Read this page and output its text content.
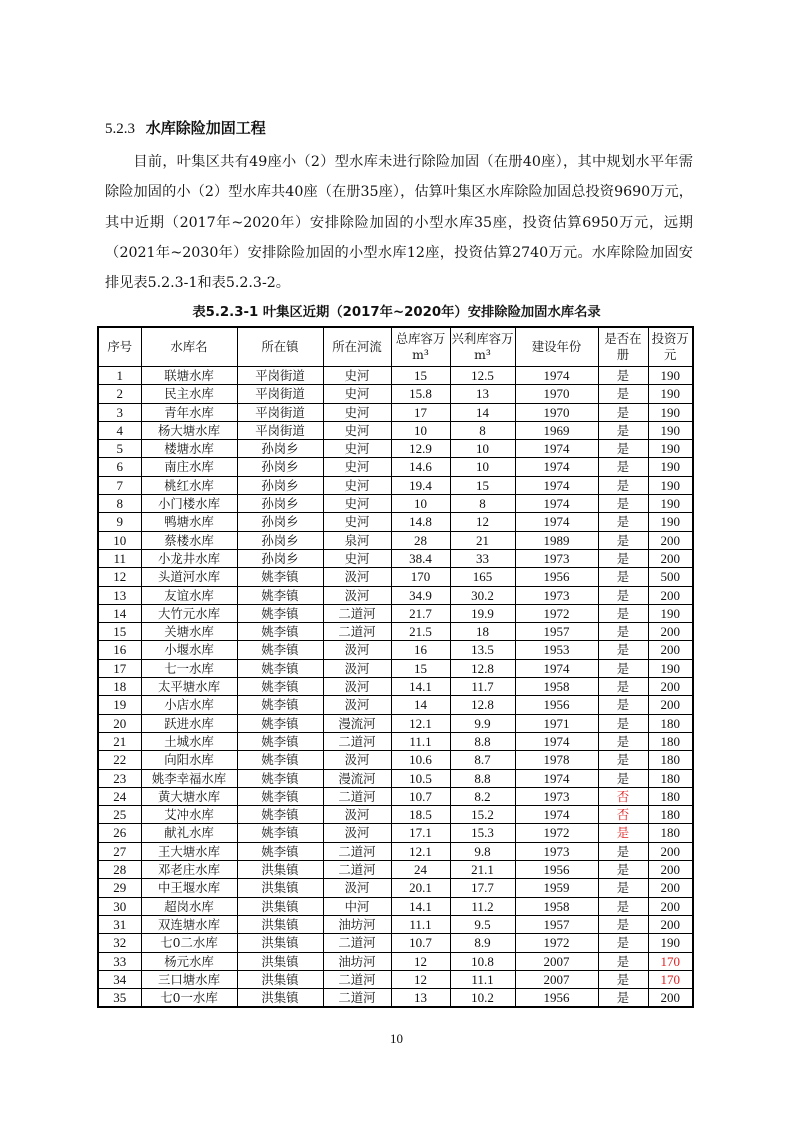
5.2.3 水库除险加固工程
目前，叶集区共有49座小（2）型水库未进行除险加固（在册40座），其中规划水平年需除险加固的小（2）型水库共40座（在册35座），估算叶集区水库除险加固总投资9690万元，其中近期（2017年~2020年）安排除险加固的小型水库35座，投资估算6950万元，远期（2021年~2030年）安排除险加固的小型水库12座，投资估算2740万元。水库除险加固安排见表5.2.3-1和表5.2.3-2。
表5.2.3-1 叶集区近期（2017年~2020年）安排除险加固水库名录
序号	水库名	所在镇	所在河流	总库容万m³	兴利库容万m³	建设年份	是否在册	投资万元
1	联塘水库	平岗街道	史河	15	12.5	1974	是	190
2	民主水库	平岗街道	史河	15.8	13	1970	是	190
3	青年水库	平岗街道	史河	17	14	1970	是	190
4	杨大塘水库	平岗街道	史河	10	8	1969	是	190
5	楼塘水库	孙岗乡	史河	12.9	10	1974	是	190
6	南庄水库	孙岗乡	史河	14.6	10	1974	是	190
7	桃红水库	孙岗乡	史河	19.4	15	1974	是	190
8	小门楼水库	孙岗乡	史河	10	8	1974	是	190
9	鸭塘水库	孙岗乡	史河	14.8	12	1974	是	190
10	蔡楼水库	孙岗乡	泉河	28	21	1989	是	200
11	小龙井水库	孙岗乡	史河	38.4	33	1973	是	200
12	头道河水库	姚李镇	汲河	170	165	1956	是	500
13	友谊水库	姚李镇	汲河	34.9	30.2	1973	是	200
14	大竹元水库	姚李镇	二道河	21.7	19.9	1972	是	190
15	关塘水库	姚李镇	二道河	21.5	18	1957	是	200
16	小堰水库	姚李镇	汲河	16	13.5	1953	是	200
17	七一水库	姚李镇	汲河	15	12.8	1974	是	190
18	太平塘水库	姚李镇	汲河	14.1	11.7	1958	是	200
19	小店水库	姚李镇	汲河	14	12.8	1956	是	200
20	跃进水库	姚李镇	漫流河	12.1	9.9	1971	是	180
21	土城水库	姚李镇	二道河	11.1	8.8	1974	是	180
22	向阳水库	姚李镇	汲河	10.6	8.7	1978	是	180
23	姚李幸福水库	姚李镇	漫流河	10.5	8.8	1974	是	180
24	黄大塘水库	姚李镇	二道河	10.7	8.2	1973	否	180
25	艾冲水库	姚李镇	汲河	18.5	15.2	1974	否	180
26	献礼水库	姚李镇	汲河	17.1	15.3	1972	是	180
27	王大塘水库	姚李镇	二道河	12.1	9.8	1973	是	200
28	邓老庄水库	洪集镇	二道河	24	21.1	1956	是	200
29	中王堰水库	洪集镇	汲河	20.1	17.7	1959	是	200
30	超岗水库	洪集镇	中河	14.1	11.2	1958	是	200
31	双连塘水库	洪集镇	油坊河	11.1	9.5	1957	是	200
32	七0二水库	洪集镇	二道河	10.7	8.9	1972	是	190
33	杨元水库	洪集镇	油坊河	12	10.8	2007	是	170
34	三口塘水库	洪集镇	二道河	12	11.1	2007	是	170
35	七0一水库	洪集镇	二道河	13	10.2	1956	是	200
10
